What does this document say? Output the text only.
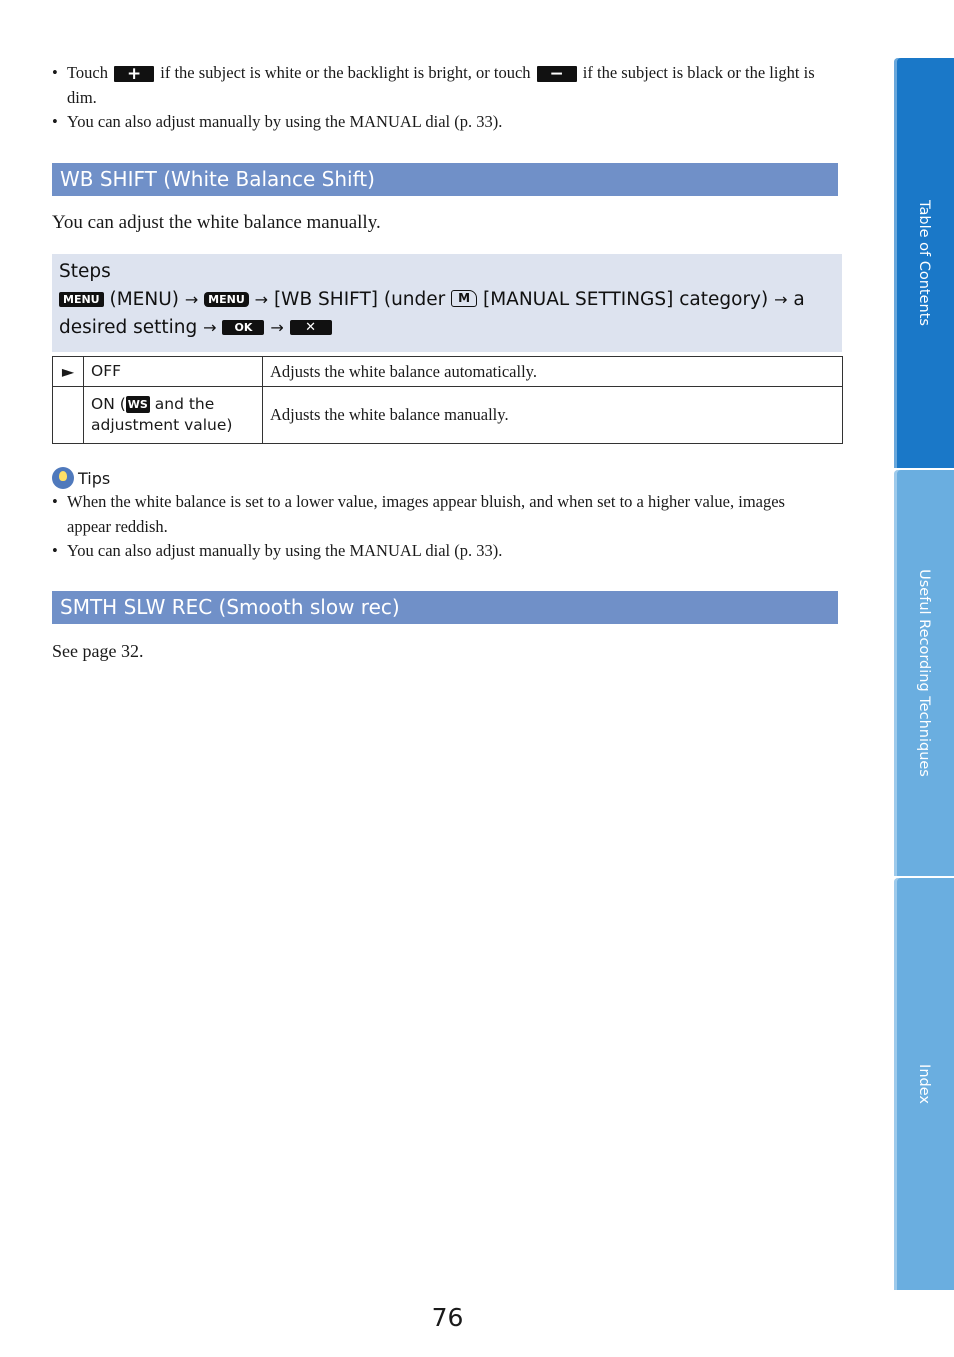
• Touch + if the subject is white or the backlight is bright, or touch − if the subject is black or the light is dim.
• You can also adjust manually by using the MANUAL dial (p. 33).
WB SHIFT (White Balance Shift)
You can adjust the white balance manually.
Steps
MENU (MENU) → MENU → [WB SHIFT] (under M [MANUAL SETTINGS] category) → a desired setting → OK → ✕
►	OFF	Adjusts the white balance automatically.
	ON ( WS and the adjustment value)	Adjusts the white balance manually.
Tips
• When the white balance is set to a lower value, images appear bluish, and when set to a higher value, images appear reddish.
• You can also adjust manually by using the MANUAL dial (p. 33).
SMTH SLW REC (Smooth slow rec)
See page 32.
Table of Contents
Useful Recording Techniques
Index
76
